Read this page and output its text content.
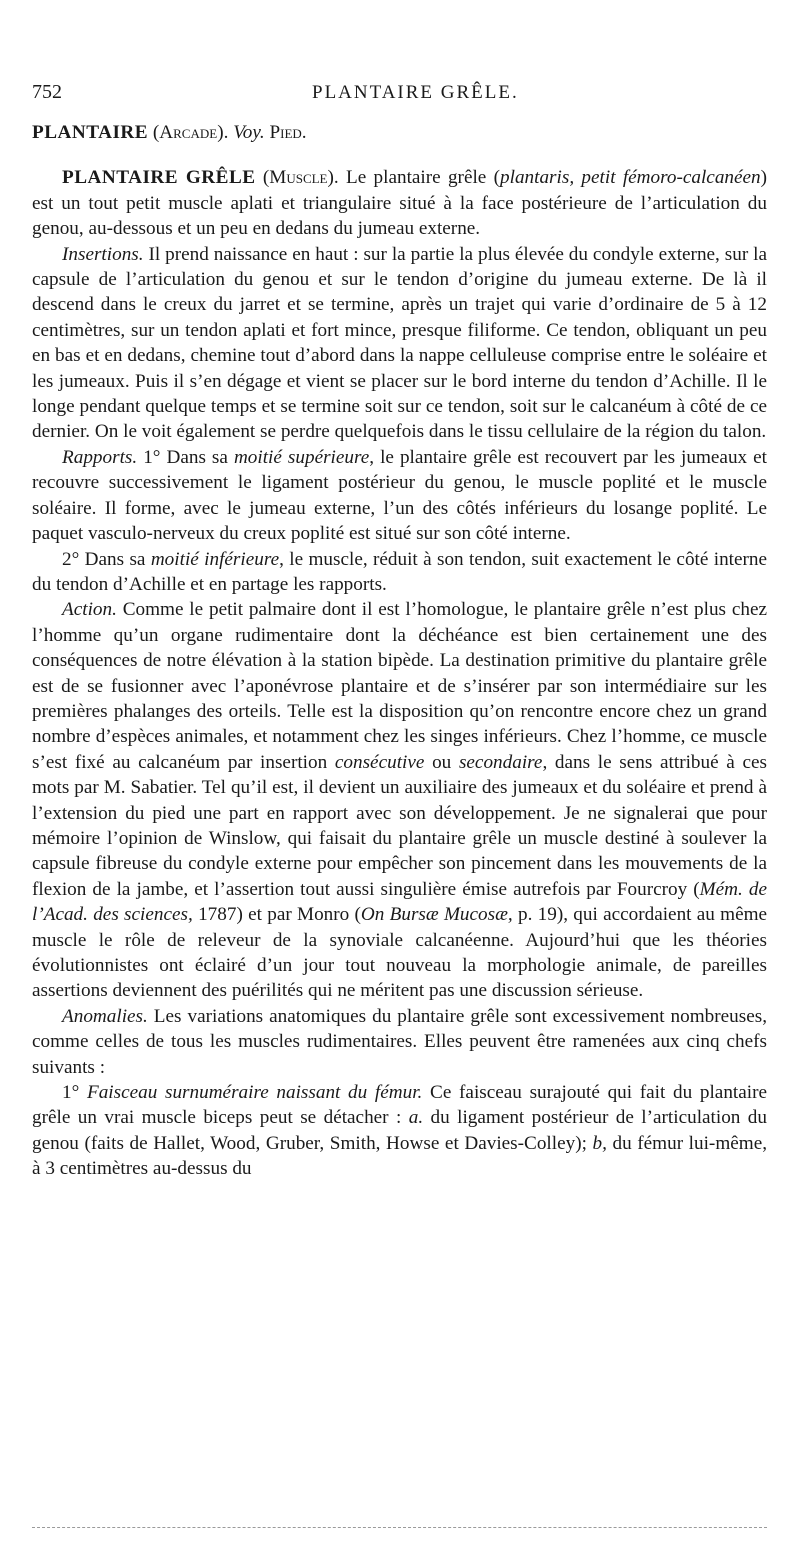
752	PLANTAIRE GRÊLE.

PLANTAIRE (Arcade). Voy. Pied.

PLANTAIRE GRÊLE (Muscle). Le plantaire grêle (plantaris, petit fémoro-calcanéen) est un tout petit muscle aplati et triangulaire situé à la face postérieure de l’articulation du genou, au-dessous et un peu en dedans du jumeau externe.

Insertions. Il prend naissance en haut : sur la partie la plus élevée du condyle externe, sur la capsule de l’articulation du genou et sur le tendon d’origine du jumeau externe. De là il descend dans le creux du jarret et se termine, après un trajet qui varie d’ordinaire de 5 à 12 centimètres, sur un tendon aplati et fort mince, presque filiforme. Ce tendon, obliquant un peu en bas et en dedans, chemine tout d’abord dans la nappe celluleuse comprise entre le soléaire et les jumeaux. Puis il s’en dégage et vient se placer sur le bord interne du tendon d’Achille. Il le longe pendant quelque temps et se termine soit sur ce tendon, soit sur le calcanéum à côté de ce dernier. On le voit également se perdre quelquefois dans le tissu cellulaire de la région du talon.

Rapports. 1° Dans sa moitié supérieure, le plantaire grêle est recouvert par les jumeaux et recouvre successivement le ligament postérieur du genou, le muscle poplité et le muscle soléaire. Il forme, avec le jumeau externe, l’un des côtés inférieurs du losange poplité. Le paquet vasculo-nerveux du creux poplité est situé sur son côté interne.

2° Dans sa moitié inférieure, le muscle, réduit à son tendon, suit exactement le côté interne du tendon d’Achille et en partage les rapports.

Action. Comme le petit palmaire dont il est l’homologue, le plantaire grêle n’est plus chez l’homme qu’un organe rudimentaire dont la déchéance est bien certainement une des conséquences de notre élévation à la station bipède. La destination primitive du plantaire grêle est de se fusionner avec l’aponévrose plantaire et de s’insérer par son intermédiaire sur les premières phalanges des orteils. Telle est la disposition qu’on rencontre encore chez un grand nombre d’espèces animales, et notamment chez les singes inférieurs. Chez l’homme, ce muscle s’est fixé au calcanéum par insertion consécutive ou secondaire, dans le sens attribué à ces mots par M. Sabatier. Tel qu’il est, il devient un auxiliaire des jumeaux et du soléaire et prend à l’extension du pied une part en rapport avec son développement. Je ne signalerai que pour mémoire l’opinion de Winslow, qui faisait du plantaire grêle un muscle destiné à soulever la capsule fibreuse du condyle externe pour empêcher son pincement dans les mouvements de la flexion de la jambe, et l’assertion tout aussi singulière émise autrefois par Fourcroy (Mém. de l’Acad. des sciences, 1787) et par Monro (On Bursæ Mucosæ, p. 19), qui accordaient au même muscle le rôle de releveur de la synoviale calcanéenne. Aujourd’hui que les théories évolutionnistes ont éclairé d’un jour tout nouveau la morphologie animale, de pareilles assertions deviennent des puérilités qui ne méritent pas une discussion sérieuse.

Anomalies. Les variations anatomiques du plantaire grêle sont excessivement nombreuses, comme celles de tous les muscles rudimentaires. Elles peuvent être ramenées aux cinq chefs suivants :

1° Faisceau surnuméraire naissant du fémur. Ce faisceau surajouté qui fait du plantaire grêle un vrai muscle biceps peut se détacher : a. du ligament postérieur de l’articulation du genou (faits de Hallet, Wood, Gruber, Smith, Howse et Davies-Colley); b, du fémur lui-même, à 3 centimètres au-dessus du
